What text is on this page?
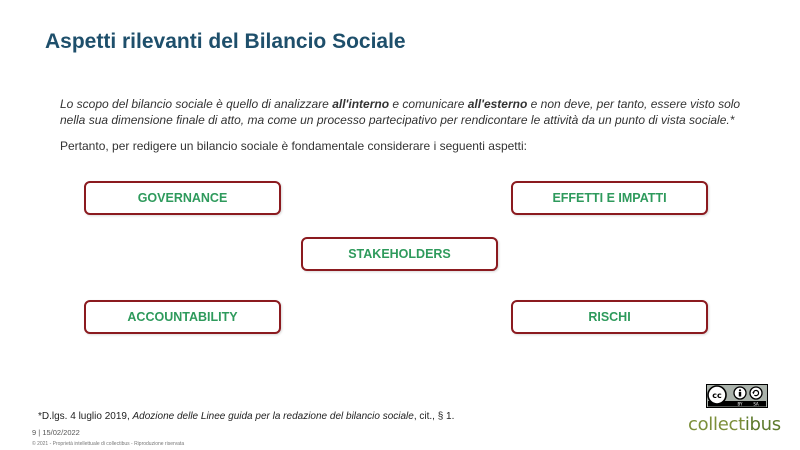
Aspetti rilevanti del Bilancio Sociale
Lo scopo del bilancio sociale è quello di analizzare all'interno e comunicare all'esterno e non deve, per tanto, essere visto solo nella sua dimensione finale di atto, ma come un processo partecipativo per rendicontare le attività da un punto di vista sociale.*
Pertanto, per redigere un bilancio sociale è fondamentale considerare i seguenti aspetti:
GOVERNANCE	EFFETTI E IMPATTI
STAKEHOLDERS
ACCOUNTABILITY	RISCHI
*D.lgs. 4 luglio 2019, Adozione delle Linee guida per la redazione del bilancio sociale, cit., § 1.
9 | 15/02/2022
© 2021 - Proprietà intellettuale di collectibus - Riproduzione riservata
cc
BY	SA
collectibus
